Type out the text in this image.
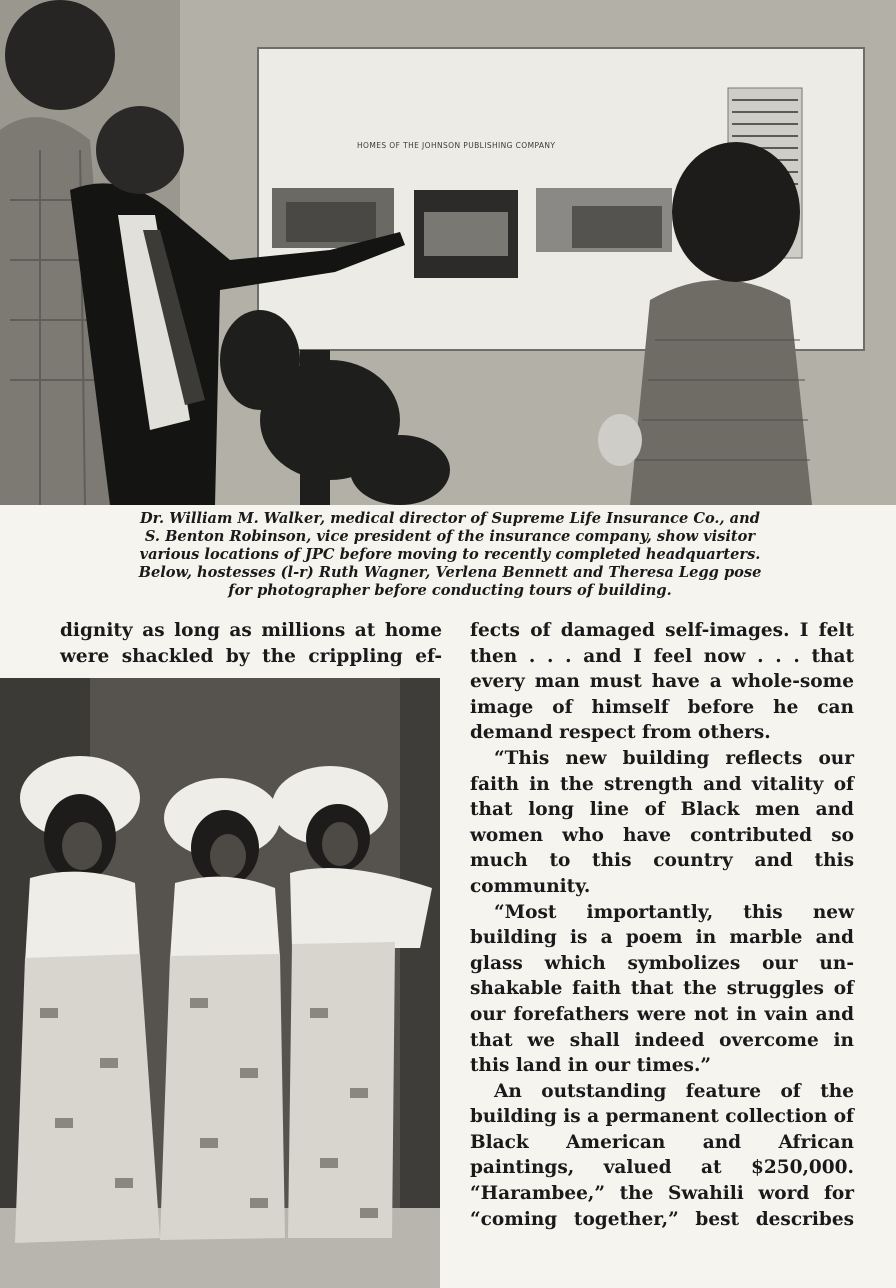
HOMES OF THE JOHNSON PUBLISHING COMPANY

Dr. William M. Walker, medical director of Supreme Life Insurance Co., and

S. Benton Robinson, vice president of the insurance company, show visitor

various locations of JPC before moving to recently completed headquarters.

Below, hostesses (l-r) Ruth Wagner, Verlena Bennett and Theresa Legg pose

for photographer before conducting tours of building.

dignity as long as millions at home

were shackled by the crippling ef-

fects of damaged self-images. I felt then . . . and I feel now . . . that every man must have a whole-some image of himself before he can demand respect from others.

“This new building reflects our faith in the strength and vitality of that long line of Black men and women who have contributed so much to this country and this community.

“Most importantly, this new building is a poem in marble and glass which symbolizes our un-shakable faith that the struggles of our forefathers were not in vain and that we shall indeed overcome in this land in our times.”

An outstanding feature of the building is a permanent collection of Black American and African paintings, valued at $250,000. “Harambee,” the Swahili word for “coming together,” best describes
